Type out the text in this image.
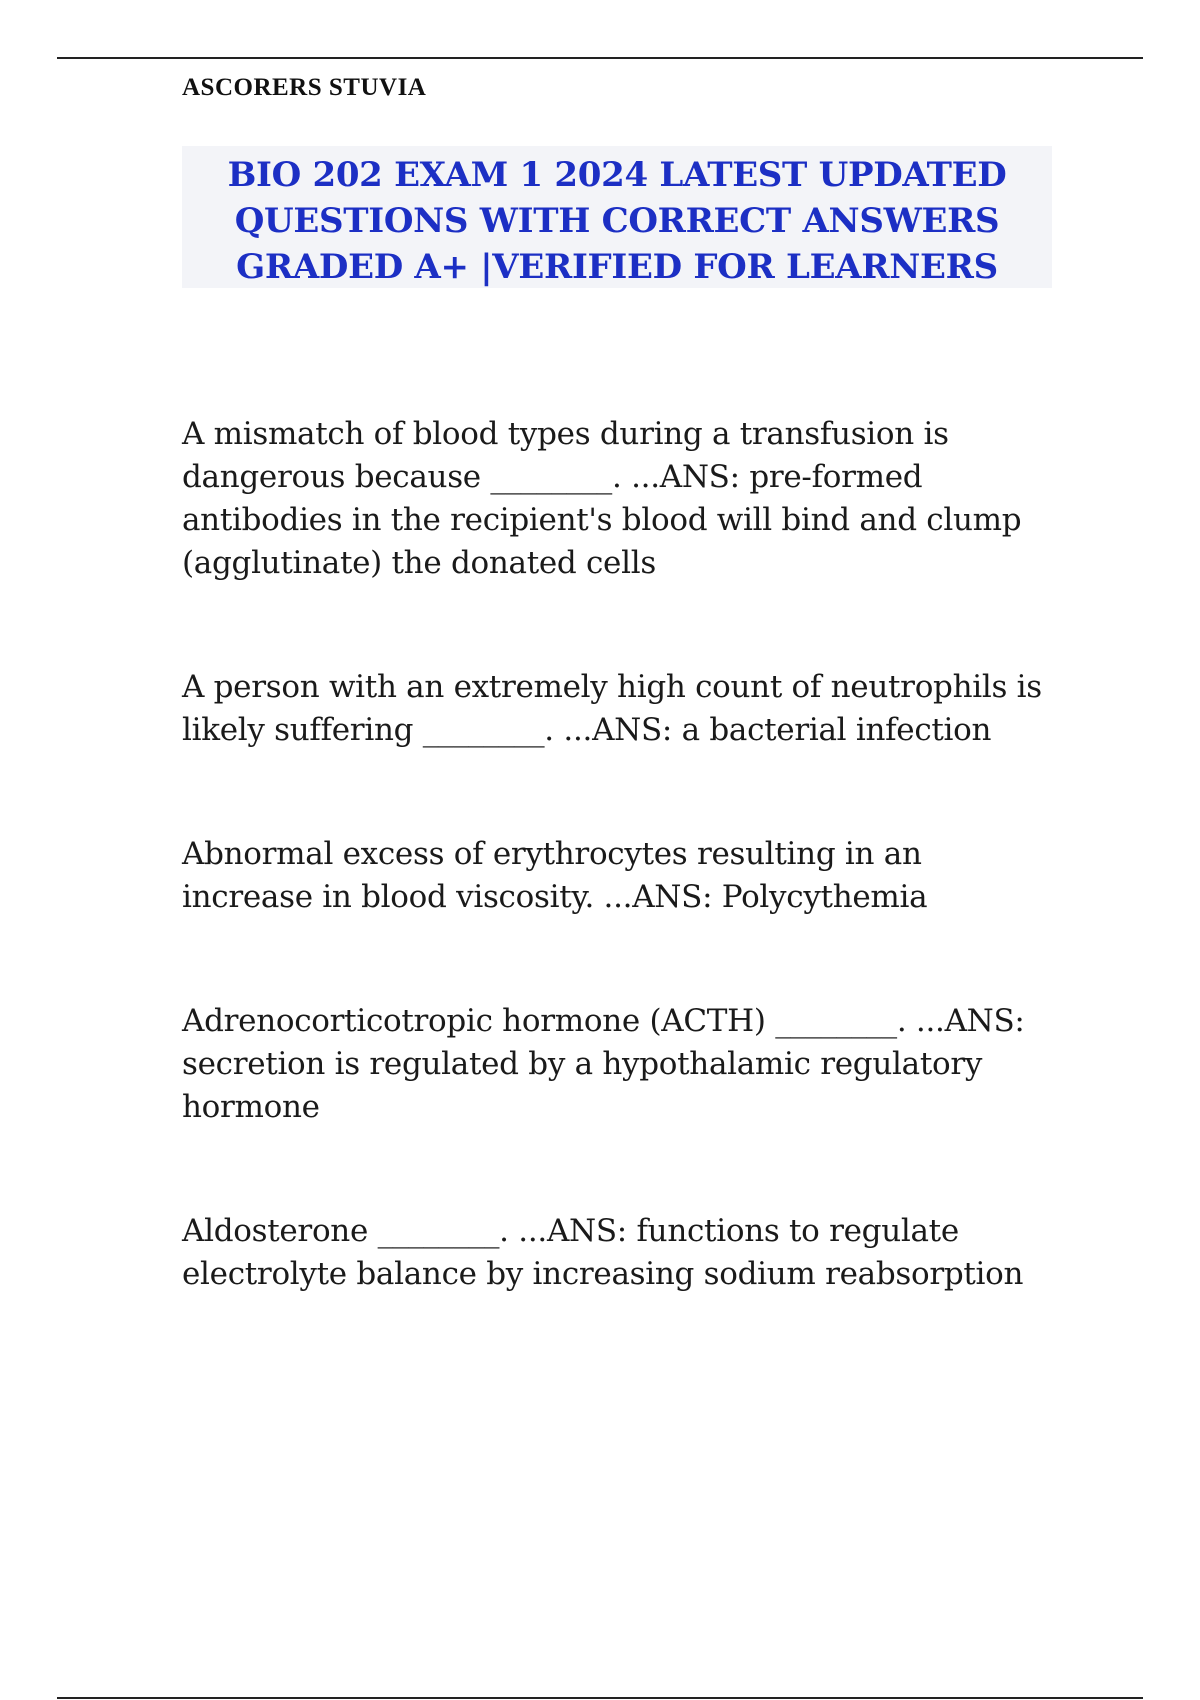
ASCORERS STUVIA
BIO 202 EXAM 1 2024 LATEST UPDATED
QUESTIONS WITH CORRECT ANSWERS
GRADED A+ |VERIFIED FOR LEARNERS
A mismatch of blood types during a transfusion is
dangerous because ________. ...ANS: pre-formed
antibodies in the recipient's blood will bind and clump
(agglutinate) the donated cells
A person with an extremely high count of neutrophils is
likely suffering ________. ...ANS: a bacterial infection
Abnormal excess of erythrocytes resulting in an
increase in blood viscosity. ...ANS: Polycythemia
Adrenocorticotropic hormone (ACTH) ________. ...ANS:
secretion is regulated by a hypothalamic regulatory
hormone
Aldosterone ________. ...ANS: functions to regulate
electrolyte balance by increasing sodium reabsorption
